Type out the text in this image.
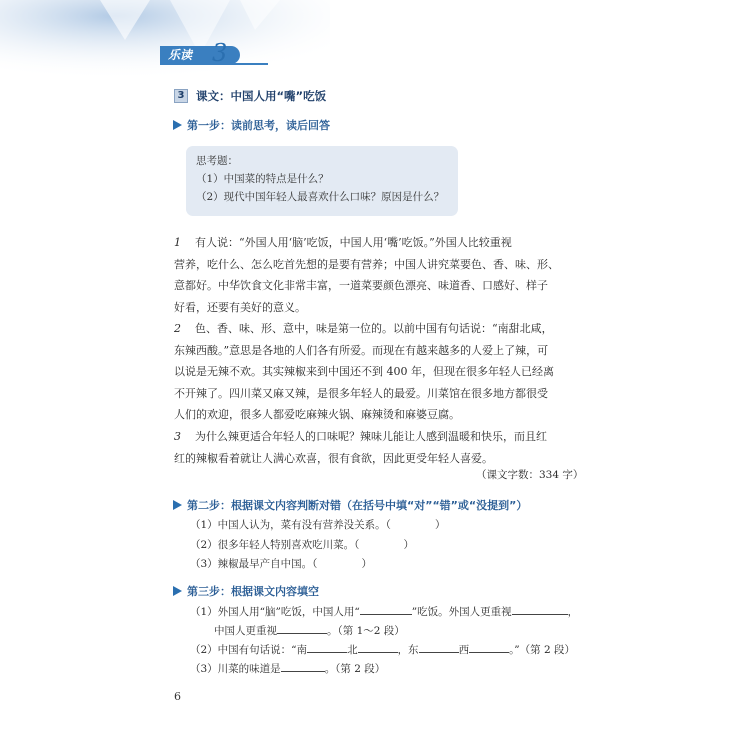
乐读 3
3	课文：中国人用“嘴”吃饭
第一步：读前思考，读后回答
思考题：
（1）中国菜的特点是什么？
（2）现代中国年轻人最喜欢什么口味？原因是什么？
1 有人说：“外国人用‘脑’吃饭，中国人用‘嘴’吃饭。”外国人比较重视
营养，吃什么、怎么吃首先想的是要有营养；中国人讲究菜要色、香、味、形、
意都好。中华饮食文化非常丰富，一道菜要颜色漂亮、味道香、口感好、样子
好看，还要有美好的意义。
2 色、香、味、形、意中，味是第一位的。以前中国有句话说：“南甜北咸，
东辣西酸。”意思是各地的人们各有所爱。而现在有越来越多的人爱上了辣，可
以说是无辣不欢。其实辣椒来到中国还不到 400 年，但现在很多年轻人已经离
不开辣了。四川菜又麻又辣，是很多年轻人的最爱。川菜馆在很多地方都很受
人们的欢迎，很多人都爱吃麻辣火锅、麻辣烫和麻婆豆腐。
3 为什么辣更适合年轻人的口味呢？辣味儿能让人感到温暖和快乐，而且红
红的辣椒看着就让人满心欢喜，很有食欲，因此更受年轻人喜爱。
（课文字数：334 字）
第二步：根据课文内容判断对错（在括号中填“对”“错”或“没提到”）
（1）中国人认为，菜有没有营养没关系。（	）
（2）很多年轻人特别喜欢吃川菜。（	）
（3）辣椒最早产自中国。（	）
第三步：根据课文内容填空
（1）外国人用“脑”吃饭，中国人用“	”吃饭。外国人更重视	，
中国人更重视	。（第 1～2 段）
（2）中国有句话说：“南	北	，东	西	。”（第 2 段）
（3）川菜的味道是	。（第 2 段）
6
